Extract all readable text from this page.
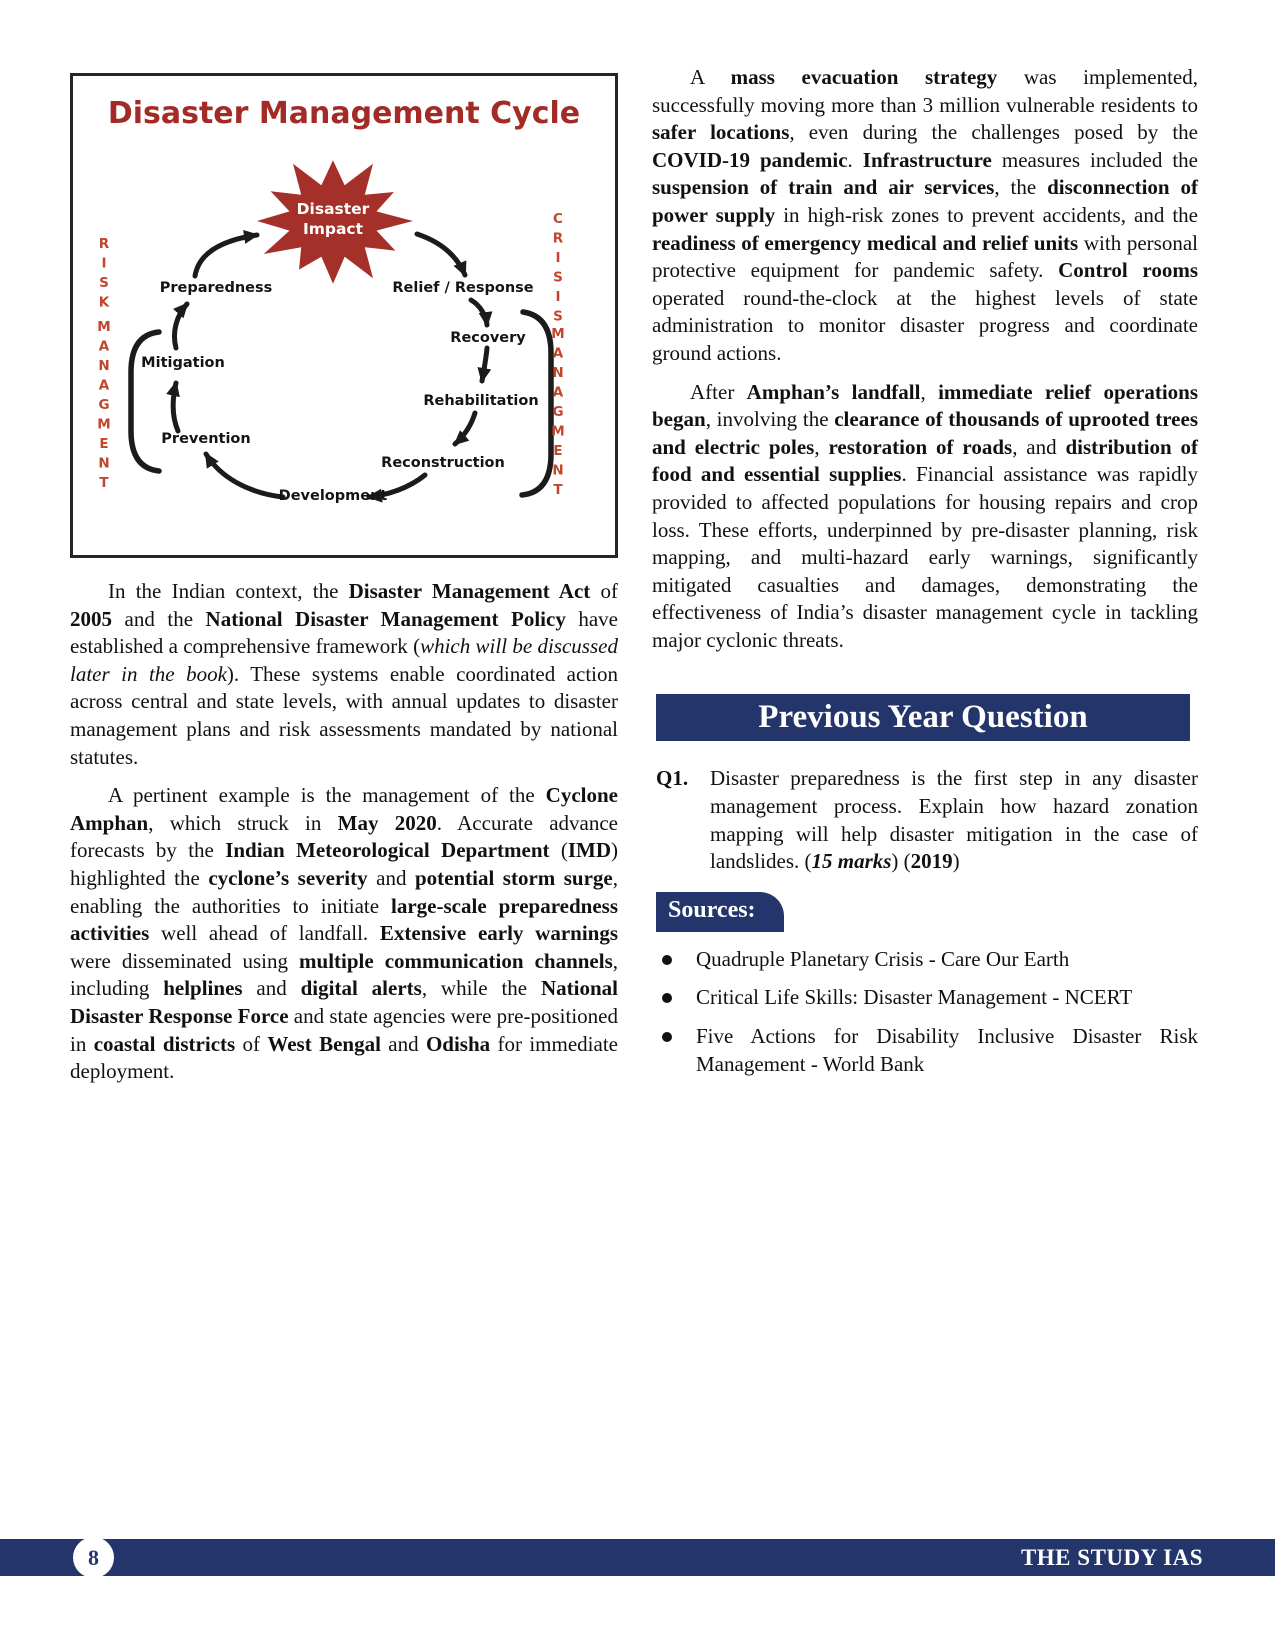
Disaster Management Cycle
Disaster
Impact
Preparedness	Relief / Response
Recovery
Rehabilitation
Reconstruction
Development
Prevention
Mitigation
RISK
MANAGMENT
CRISIS
MANAGMENT

In the Indian context, the Disaster Management Act of 2005 and the National Disaster Management Policy have established a comprehensive framework (which will be discussed later in the book). These systems enable coordinated action across central and state levels, with annual updates to disaster management plans and risk assessments mandated by national statutes.

A pertinent example is the management of the Cyclone Amphan, which struck in May 2020. Accurate advance forecasts by the Indian Meteorological Department (IMD) highlighted the cyclone’s severity and potential storm surge, enabling the authorities to initiate large-scale preparedness activities well ahead of landfall. Extensive early warnings were disseminated using multiple communication channels, including helplines and digital alerts, while the National Disaster Response Force and state agencies were pre-positioned in coastal districts of West Bengal and Odisha for immediate deployment.

A mass evacuation strategy was implemented, successfully moving more than 3 million vulnerable residents to safer locations, even during the challenges posed by the COVID-19 pandemic. Infrastructure measures included the suspension of train and air services, the disconnection of power supply in high-risk zones to prevent accidents, and the readiness of emergency medical and relief units with personal protective equipment for pandemic safety. Control rooms operated round-the-clock at the highest levels of state administration to monitor disaster progress and coordinate ground actions.

After Amphan’s landfall, immediate relief operations began, involving the clearance of thousands of uprooted trees and electric poles, restoration of roads, and distribution of food and essential supplies. Financial assistance was rapidly provided to affected populations for housing repairs and crop loss. These efforts, underpinned by pre-disaster planning, risk mapping, and multi-hazard early warnings, significantly mitigated casualties and damages, demonstrating the effectiveness of India’s disaster management cycle in tackling major cyclonic threats.

Previous Year Question
Q1.	Disaster preparedness is the first step in any disaster management process. Explain how hazard zonation mapping will help disaster mitigation in the case of landslides. (15 marks) (2019)
Sources:
Quadruple Planetary Crisis - Care Our Earth
Critical Life Skills: Disaster Management - NCERT
Five Actions for Disability Inclusive Disaster Risk Management - World Bank
8	THE STUDY IAS
